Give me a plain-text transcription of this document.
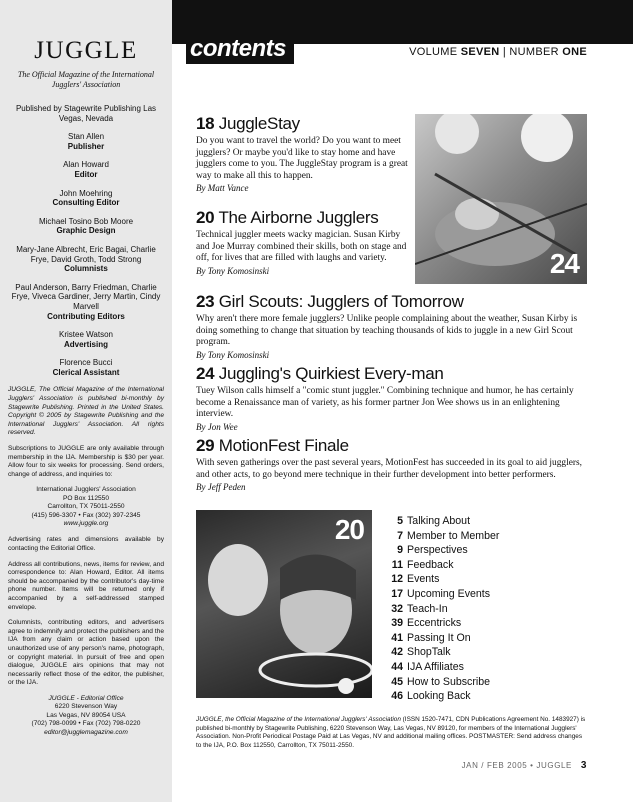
JUGGLE
The Official Magazine of the International Jugglers' Association
Published by Stagewrite Publishing Las Vegas, Nevada
Stan Allen
Publisher
Alan Howard
Editor
John Moehring
Consulting Editor
Michael Tosino Bob Moore
Graphic Design
Mary-Jane Albrecht, Eric Bagai, Charlie Frye, David Groth, Todd Strong
Columnists
Paul Anderson, Barry Friedman, Charlie Frye, Viveca Gardiner, Jerry Martin, Cindy Marvell
Contributing Editors
Kristee Watson
Advertising
Florence Bucci
Clerical Assistant

JUGGLE, The Official Magazine of the International Jugglers' Association is published bi-monthly by Stagewrite Publishing. Printed in the United States. Copyright © 2005 by Stagewrite Publishing and the International Jugglers' Association. All rights reserved.

Subscriptions to JUGGLE are only available through membership in the IJA. Membership is $30 per year. Allow four to six weeks for processing. Send orders, change of address, and inquiries to:

International Jugglers' Association
PO Box 112550
Carrollton, TX 75011-2550
(415) 596-3307 • Fax (302) 397-2345
www.juggle.org

Advertising rates and dimensions available by contacting the Editorial Office.

Address all contributions, news, items for review, and correspondence to: Alan Howard, Editor. All items should be accompanied by the contributor's day-time phone number. Items will be returned only if accompanied by a self-addressed stamped envelope.

Columnists, contributing editors, and advertisers agree to indemnify and protect the publishers and the IJA from any claim or action based upon the unauthorized use of any person's name, photograph, or copyright material. In pursuit of free and open dialogue, JUGGLE airs opinions that may not necessarily reflect those of the editor, the publisher, or the IJA.

JUGGLE - Editorial Office
6220 Stevenson Way
Las Vegas, NV 89054 USA
(702) 798-0099 • Fax (702) 798-0220
editor@jugglemagazine.com
contents	VOLUME SEVEN | NUMBER ONE
24
18 JuggleStay
Do you want to travel the world? Do you want to meet jugglers? Or maybe you'd like to stay home and have jugglers come to you. The JuggleStay program is a great way to make all this to happen.
By Matt Vance
20 The Airborne Jugglers
Technical juggler meets wacky magician. Susan Kirby and Joe Murray combined their skills, both on stage and off, for lives that are filled with laughs and variety.
By Tony Komosinski
23 Girl Scouts: Jugglers of Tomorrow
Why aren't there more female jugglers? Unlike people complaining about the weather, Susan Kirby is doing something to change that situation by teaching thousands of kids to juggle in a new Girl Scout program.
By Tony Komosinski
24 Juggling's Quirkiest Every-man
Tuey Wilson calls himself a "comic stunt juggler." Combining technique and humor, he has certainly become a Renaissance man of variety, as his former partner Jon Wee shows us in an enlightening interview.
By Jon Wee
29 MotionFest Finale
With seven gatherings over the past several years, MotionFest has succeeded in its goal to aid jugglers, and other acts, to go beyond mere technique in their further development into better performers.
By Jeff Peden
20	5 Talking About
7 Member to Member
9 Perspectives
11 Feedback
12 Events
17 Upcoming Events
32 Teach-In
39 Eccentricks
41 Passing It On
42 ShopTalk
44 IJA Affiliates
45 How to Subscribe
46 Looking Back
JUGGLE, the Official Magazine of the International Jugglers' Association (ISSN 1520-7471, CDN Publications Agreement No. 1483927) is published bi-monthly by Stagewrite Publishing, 6220 Stevenson Way, Las Vegas, NV 89120, for members of the International Jugglers' Association. Non-Profit Periodical Postage Paid at Las Vegas, NV and additional mailing offices. POSTMASTER: Send address changes to the IJA, P.O. Box 112550, Carrollton, TX 75011-2550.
JAN / FEB 2005 • JUGGLE 3
